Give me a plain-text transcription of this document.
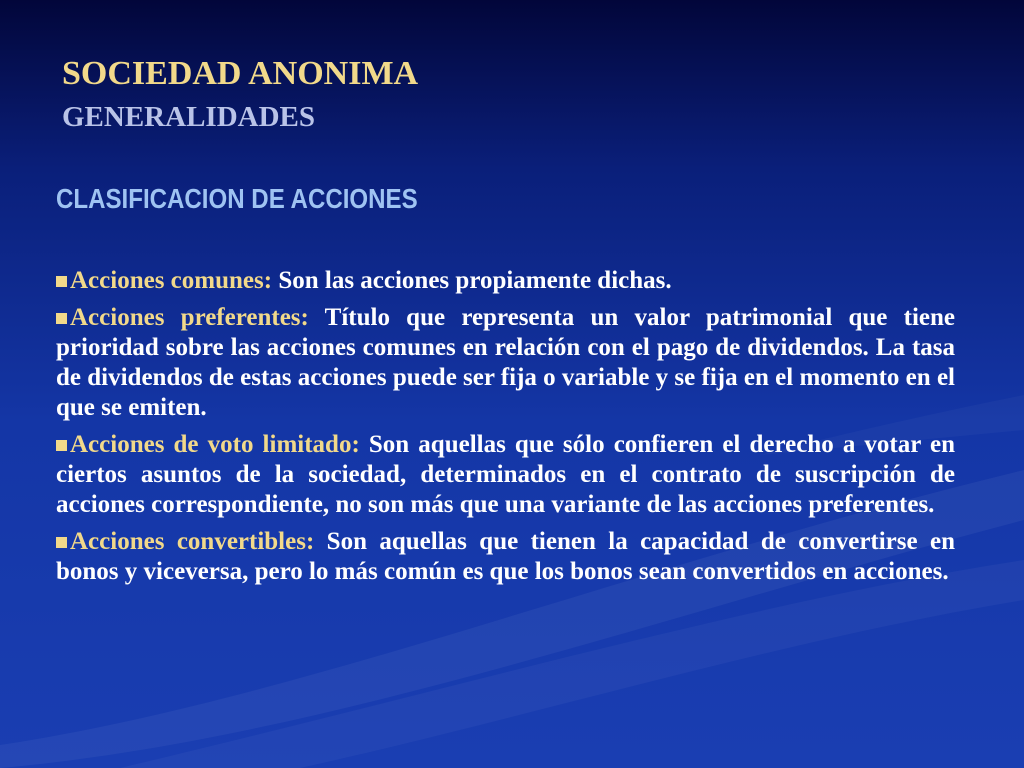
SOCIEDAD ANONIMA
GENERALIDADES
CLASIFICACION DE ACCIONES

Acciones comunes: Son las acciones propiamente dichas.

Acciones preferentes: Título que representa un valor patrimonial que tiene prioridad sobre las acciones comunes en relación con el pago de dividendos. La tasa de dividendos de estas acciones puede ser fija o variable y se fija en el momento en el que se emiten.

Acciones de voto limitado: Son aquellas que sólo confieren el derecho a votar en ciertos asuntos de la sociedad, determinados en el contrato de suscripción de acciones correspondiente, no son más que una variante de las acciones preferentes.

Acciones convertibles: Son aquellas que tienen la capacidad de convertirse en bonos y viceversa, pero lo más común es que los bonos sean convertidos en acciones.
